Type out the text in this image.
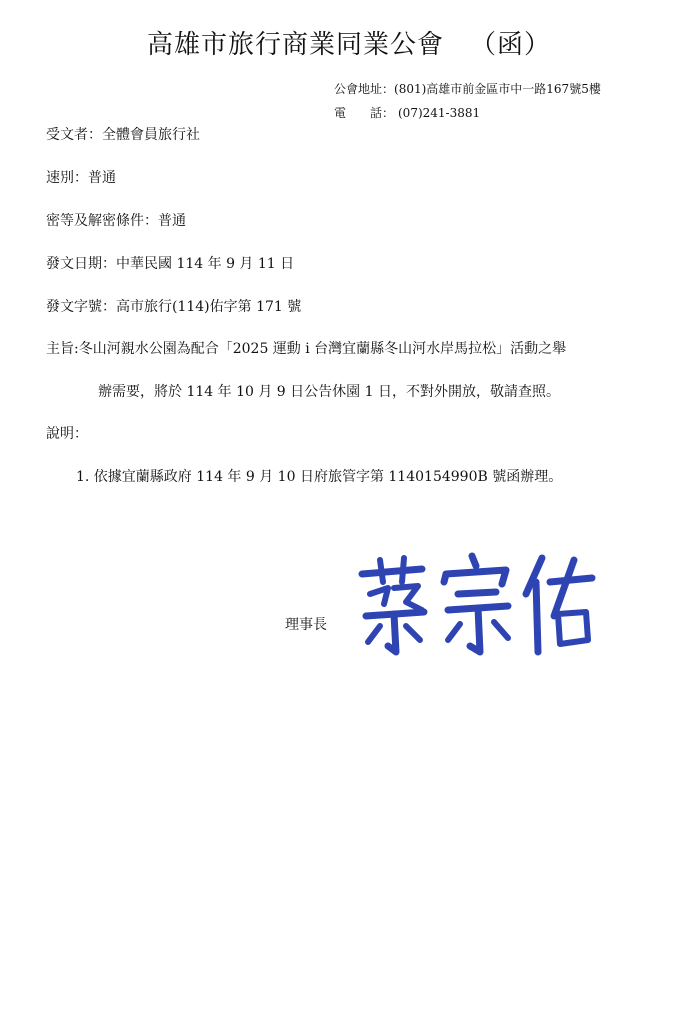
高雄市旅行商業同業公會 （函）
公會地址：(801)高雄市前金區市中一路167號5樓
電　　話： (07)241-3881
受文者：全體會員旅行社
速別：普通
密等及解密條件：普通
發文日期：中華民國 114 年 9 月 11 日
發文字號：高市旅行(114)佑字第 171 號
主旨:冬山河親水公園為配合「2025 運動 i 台灣宜蘭縣冬山河水岸馬拉松」活動之舉
辦需要，將於 114 年 10 月 9 日公告休園 1 日，不對外開放，敬請查照。
說明：
1. 依據宜蘭縣政府 114 年 9 月 10 日府旅管字第 1140154990B 號函辦理。
理事長
